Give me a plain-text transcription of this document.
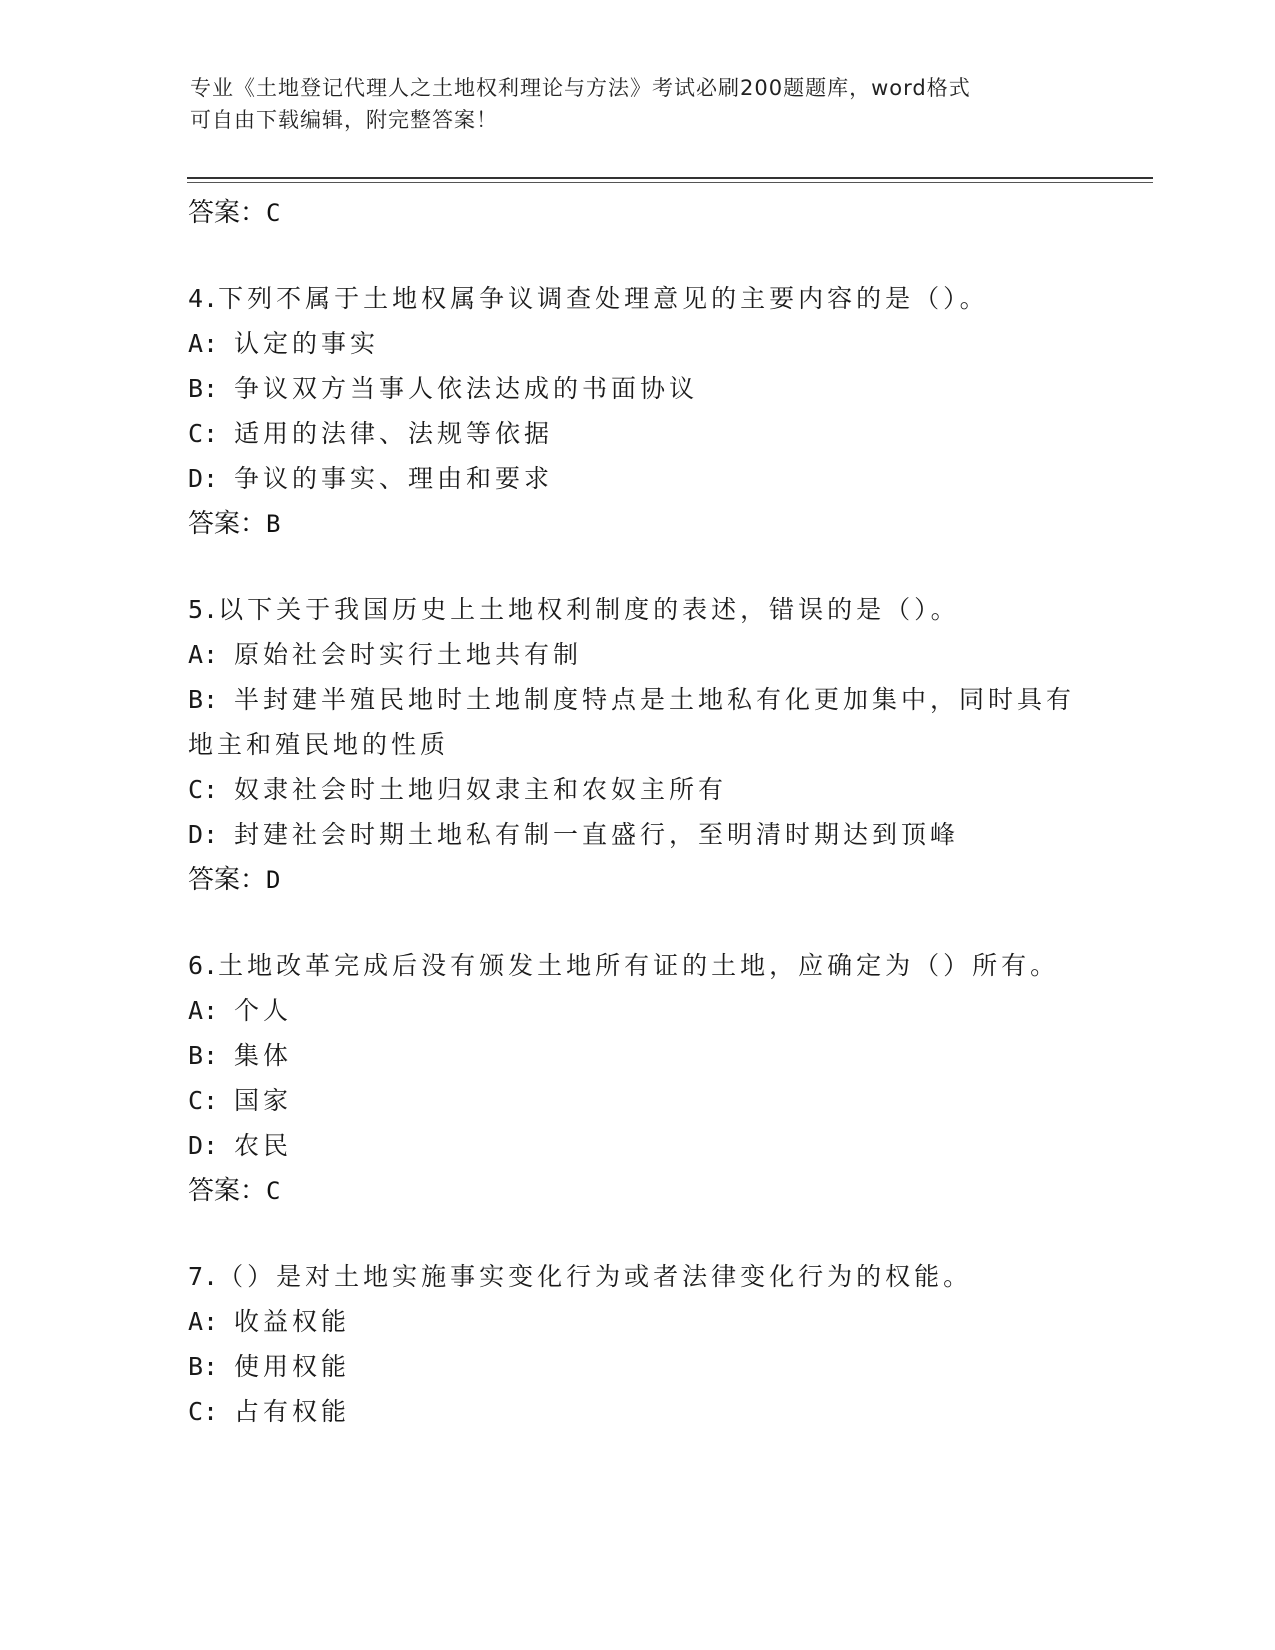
专业《土地登记代理人之土地权利理论与方法》考试必刷200题题库，word格式
可自由下载编辑，附完整答案！

答案：C

4.下列不属于土地权属争议调查处理意见的主要内容的是（）。

A: 认定的事实

B: 争议双方当事人依法达成的书面协议

C: 适用的法律、法规等依据

D: 争议的事实、理由和要求

答案：B

5.以下关于我国历史上土地权利制度的表述，错误的是（）。

A: 原始社会时实行土地共有制

B: 半封建半殖民地时土地制度特点是土地私有化更加集中，同时具有地主和殖民地的性质

C: 奴隶社会时土地归奴隶主和农奴主所有

D: 封建社会时期土地私有制一直盛行，至明清时期达到顶峰

答案：D

6.土地改革完成后没有颁发土地所有证的土地，应确定为（）所有。

A: 个人

B: 集体

C: 国家

D: 农民

答案：C

7.（）是对土地实施事实变化行为或者法律变化行为的权能。

A: 收益权能

B: 使用权能

C: 占有权能
